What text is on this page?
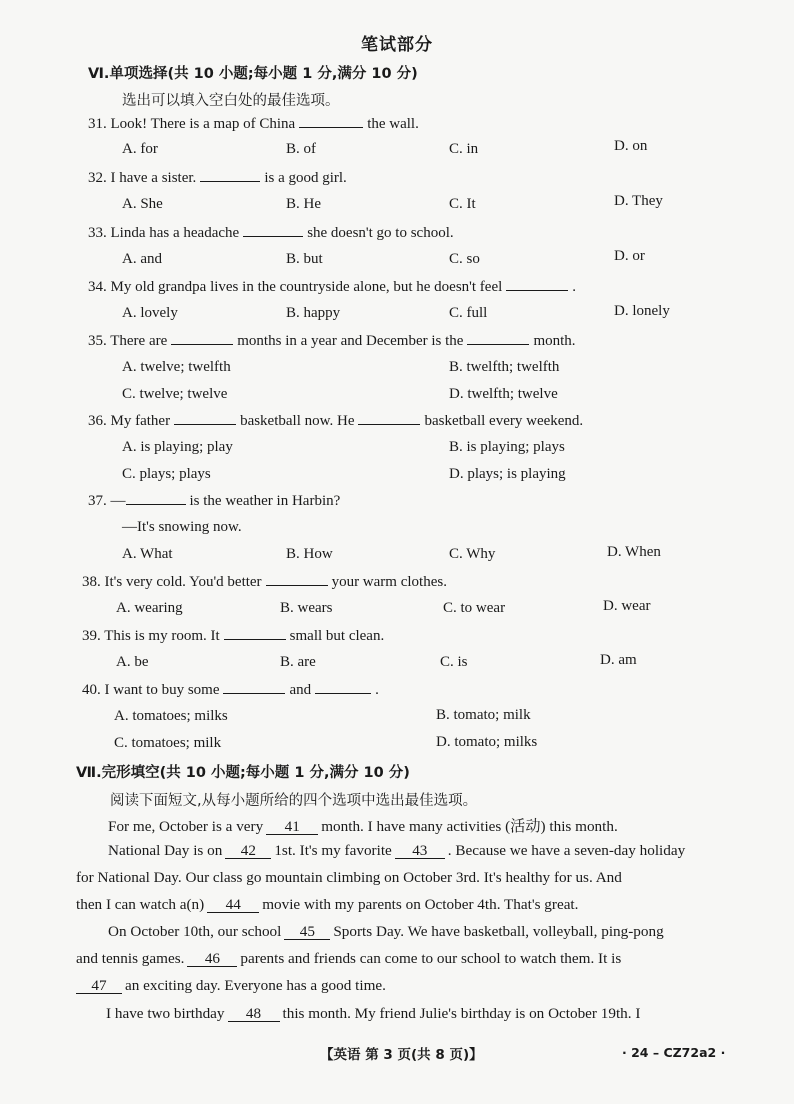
笔试部分
Ⅵ.单项选择(共 10 小题;每小题 1 分,满分 10 分)
选出可以填入空白处的最佳选项。
31. Look! There is a map of China	the wall.
A. for	B. of	C. in	D. on
32. I have a sister.	is a good girl.
A. She	B. He	C. It	D. They
33. Linda has a headache	she doesn't go to school.
A. and	B. but	C. so	D. or
34. My old grandpa lives in the countryside alone, but he doesn't feel	.
A. lovely	B. happy	C. full	D. lonely
35. There are	months in a year and December is the	month.
A. twelve; twelfth	B. twelfth; twelfth
C. twelve; twelve	D. twelfth; twelve
36. My father	basketball now. He	basketball every weekend.
A. is playing; play	B. is playing; plays
C. plays; plays	D. plays; is playing
37. —	is the weather in Harbin?
—It's snowing now.
A. What	B. How	C. Why	D. When
38. It's very cold. You'd better	your warm clothes.
A. wearing	B. wears	C. to wear	D. wear
39. This is my room. It	small but clean.
A. be	B. are	C. is	D. am
40. I want to buy some	and	.
A. tomatoes; milks	B. tomato; milk
C. tomatoes; milk	D. tomato; milks
Ⅶ.完形填空(共 10 小题;每小题 1 分,满分 10 分)
阅读下面短文,从每小题所给的四个选项中选出最佳选项。
For me, October is a very 41 month. I have many activities (活动) this month.
National Day is on 42 1st. It's my favorite 43 . Because we have a seven-day holiday
for National Day. Our class go mountain climbing on October 3rd. It's healthy for us. And
then I can watch a(n) 44 movie with my parents on October 4th. That's great.
On October 10th, our school 45 Sports Day. We have basketball, volleyball, ping-pong
and tennis games. 46 parents and friends can come to our school to watch them. It is
47 an exciting day. Everyone has a good time.
I have two birthday 48 this month. My friend Julie's birthday is on October 19th. I
【英语 第 3 页(共 8 页)】	· 24 – CZ72a2 ·
